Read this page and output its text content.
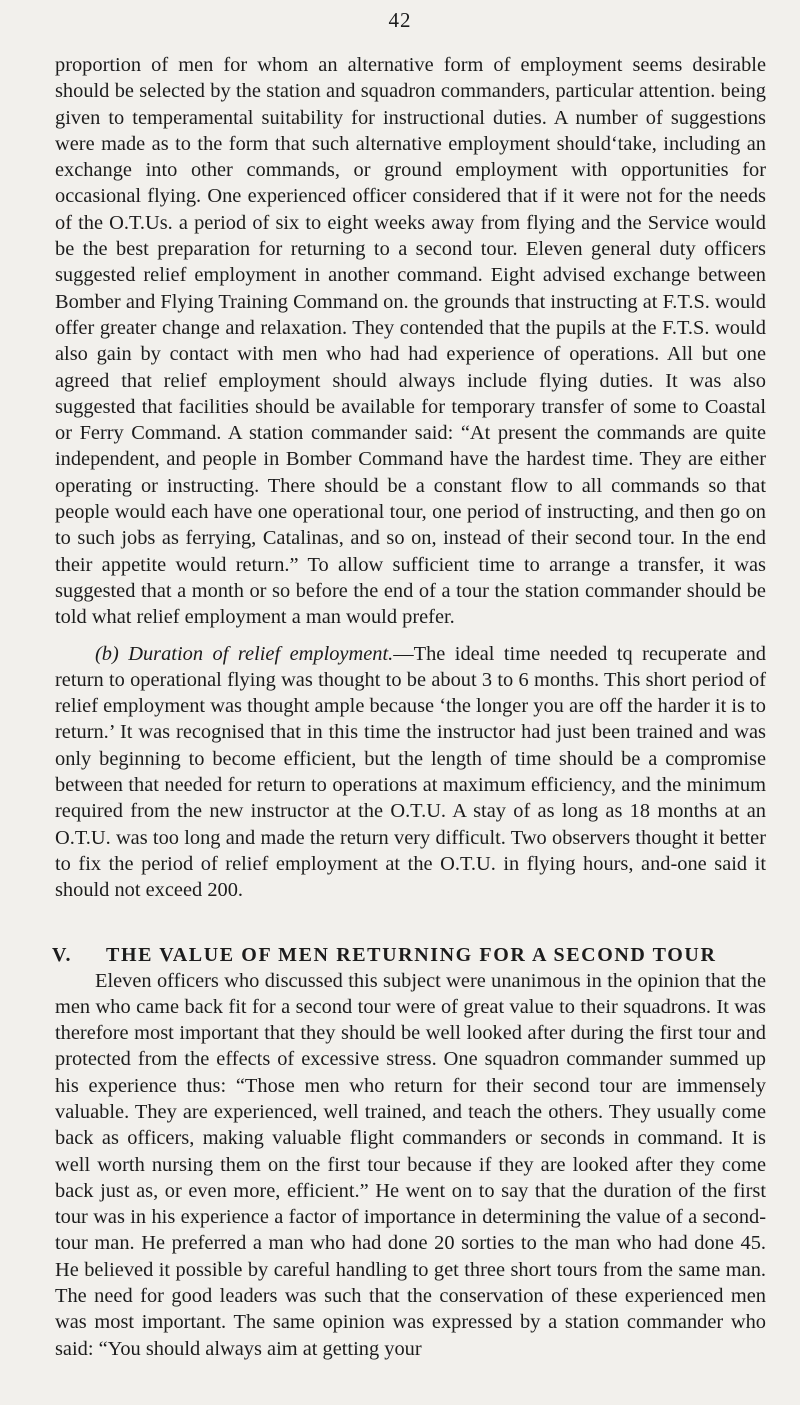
42

proportion of men for whom an alternative form of employment seems desirable should be selected by the station and squadron commanders, particular attention. being given to temperamental suitability for instructional duties. A number of suggestions were made as to the form that such alternative employment should‘take, including an exchange into other commands, or ground employment with opportunities for occasional flying. One experienced officer considered that if it were not for the needs of the O.T.Us. a period of six to eight weeks away from flying and the Service would be the best preparation for returning to a second tour. Eleven general duty officers suggested relief employment in another command. Eight advised exchange between Bomber and Flying Training Command on. the grounds that instructing at F.T.S. would offer greater change and relaxation. They contended that the pupils at the F.T.S. would also gain by contact with men who had had experience of operations. All but one agreed that relief employment should always include flying duties. It was also suggested that facilities should be available for temporary transfer of some to Coastal or Ferry Command. A station commander said: “At present the commands are quite independent, and people in Bomber Command have the hardest time. They are either operating or instructing. There should be a constant flow to all commands so that people would each have one operational tour, one period of instructing, and then go on to such jobs as ferrying, Catalinas, and so on, instead of their second tour. In the end their appetite would return.” To allow sufficient time to arrange a transfer, it was suggested that a month or so before the end of a tour the station commander should be told what relief employment a man would prefer.

(b) Duration of relief employment.—The ideal time needed tq recuperate and return to operational flying was thought to be about 3 to 6 months. This short period of relief employment was thought ample because ‘the longer you are off the harder it is to return.’ It was recognised that in this time the instructor had just been trained and was only beginning to become efficient, but the length of time should be a compromise between that needed for return to operations at maximum efficiency, and the minimum required from the new instructor at the O.T.U. A stay of as long as 18 months at an O.T.U. was too long and made the return very difficult. Two observers thought it better to fix the period of relief employment at the O.T.U. in flying hours, and-one said it should not exceed 200.

V. THE VALUE OF MEN RETURNING FOR A SECOND TOUR

Eleven officers who discussed this subject were unanimous in the opinion that the men who came back fit for a second tour were of great value to their squadrons. It was therefore most important that they should be well looked after during the first tour and protected from the effects of excessive stress. One squadron commander summed up his experience thus: “Those men who return for their second tour are immensely valuable. They are experienced, well trained, and teach the others. They usually come back as officers, making valuable flight commanders or seconds in command. It is well worth nursing them on the first tour because if they are looked after they come back just as, or even more, efficient.” He went on to say that the duration of the first tour was in his experience a factor of importance in determining the value of a second-tour man. He preferred a man who had done 20 sorties to the man who had done 45. He believed it possible by careful handling to get three short tours from the same man. The need for good leaders was such that the conservation of these experienced men was most important. The same opinion was expressed by a station commander who said: “You should always aim at getting your
